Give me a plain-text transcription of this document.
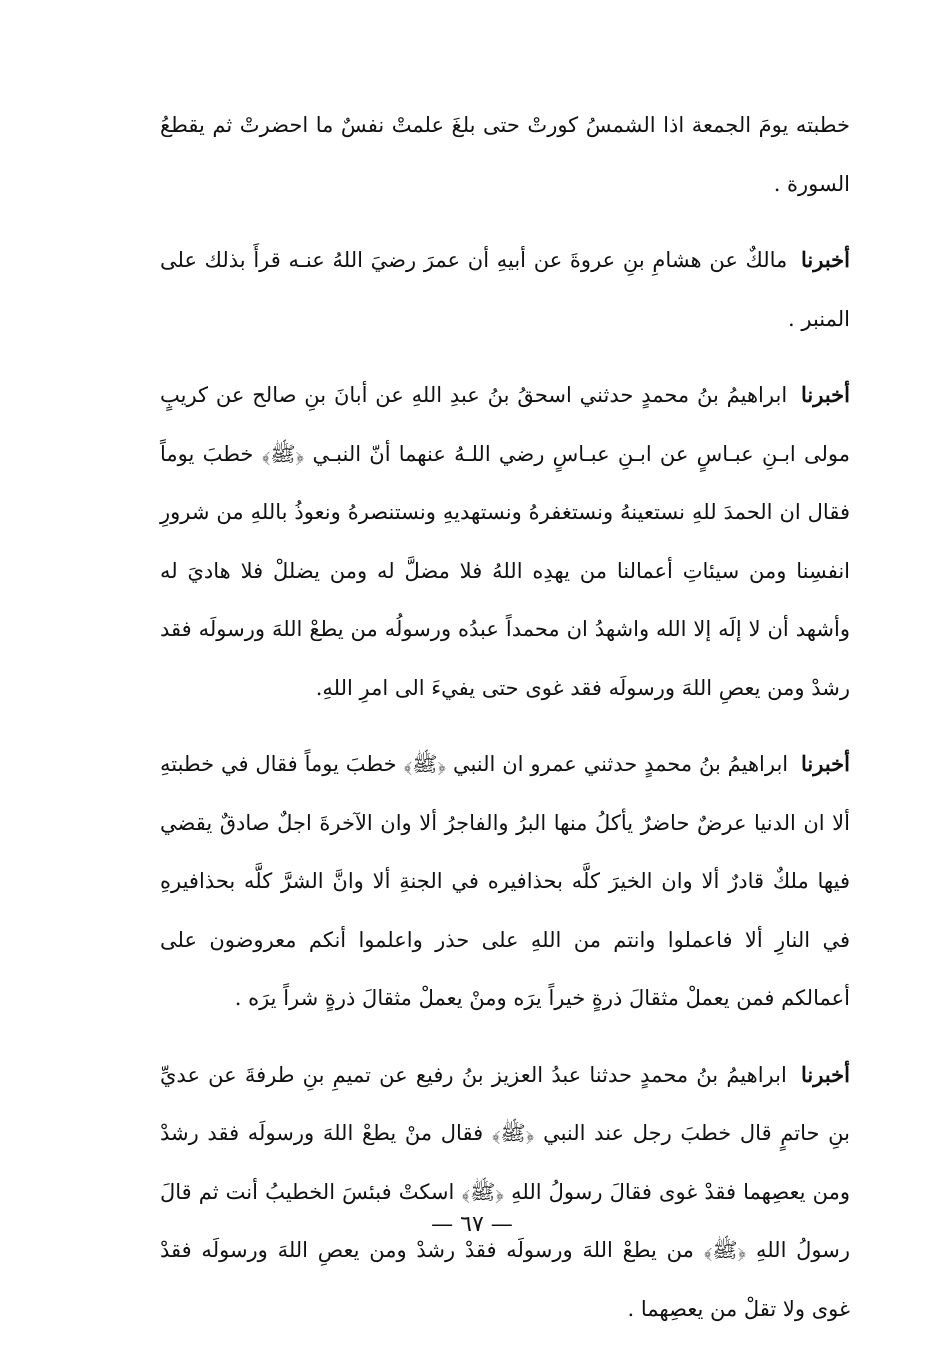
خطبته يومَ الجمعة اذا الشمسُ كورتْ حتى بلغَ علمتْ نفسٌ ما احضرتْ ثم يقطعُ السورة .

أخبرنا مالكٌ عن هشامِ بنِ عروةَ عن أبيهِ أن عمرَ رضيَ اللهُ عنـه قرأَ بذلك على المنبر .

أخبرنا ابراهيمُ بنُ محمدٍ حدثني اسحقُ بنُ عبدِ اللهِ عن أبانَ بنِ صالح عن كريبٍ مولى ابـنِ عبـاسٍ عن ابـنِ عبـاسٍ رضي اللـهُ عنهما أنّ النبـي ﴿ﷺ﴾ خطبَ يوماً فقال ان الحمدَ للهِ نستعينهُ ونستغفرهُ ونستهديهِ ونستنصرهُ ونعوذُ باللهِ من شرورِ انفسِنا ومن سيئاتِ أعمالنا من يهدِه اللهُ فلا مضلَّ له ومن يضللْ فلا هاديَ له وأشهد أن لا إلَه إلا الله واشهدُ ان محمداً عبدُه ورسولُه من يطعْ اللهَ ورسولَه فقد رشدْ ومن يعصِ اللهَ ورسولَه فقد غوى حتى يفيءَ الى امرِ اللهِ.

أخبرنا ابراهيمُ بنُ محمدٍ حدثني عمرو ان النبي ﴿ﷺ﴾ خطبَ يوماً فقال في خطبتهِ ألا ان الدنيا عرضٌ حاضرٌ يأكلُ منها البرُ والفاجرُ ألا وان الآخرةَ اجلٌ صادقٌ يقضي فيها ملكٌ قادرٌ ألا وان الخيرَ كلَّه بحذافيره في الجنةِ ألا وانَّ الشرَّ كلَّه بحذافيرهِ في النارِ ألا فاعملوا وانتم من اللهِ على حذر واعلموا أنكم معروضون على أعمالكم فمن يعملْ مثقالَ ذرةٍ خيراً يرَه ومنْ يعملْ مثقالَ ذرةٍ شراً يرَه .

أخبرنا ابراهيمُ بنُ محمدٍ حدثنا عبدُ العزيز بنُ رفيع عن تميمِ بنِ طرفةَ عن عديِّ بنِ حاتمٍ قال خطبَ رجل عند النبي ﴿ﷺ﴾ فقال منْ يطعْ اللهَ ورسولَه فقد رشدْ ومن يعصِهما فقدْ غوى فقالَ رسولُ اللهِ ﴿ﷺ﴾ اسكتْ فبئسَ الخطيبُ أنت ثم قالَ رسولُ اللهِ ﴿ﷺ﴾ من يطعْ اللهَ ورسولَه فقدْ رشدْ ومن يعصِ اللهَ ورسولَه فقدْ غوى ولا تقلْ من يعصِهما .

— ٦٧ —
